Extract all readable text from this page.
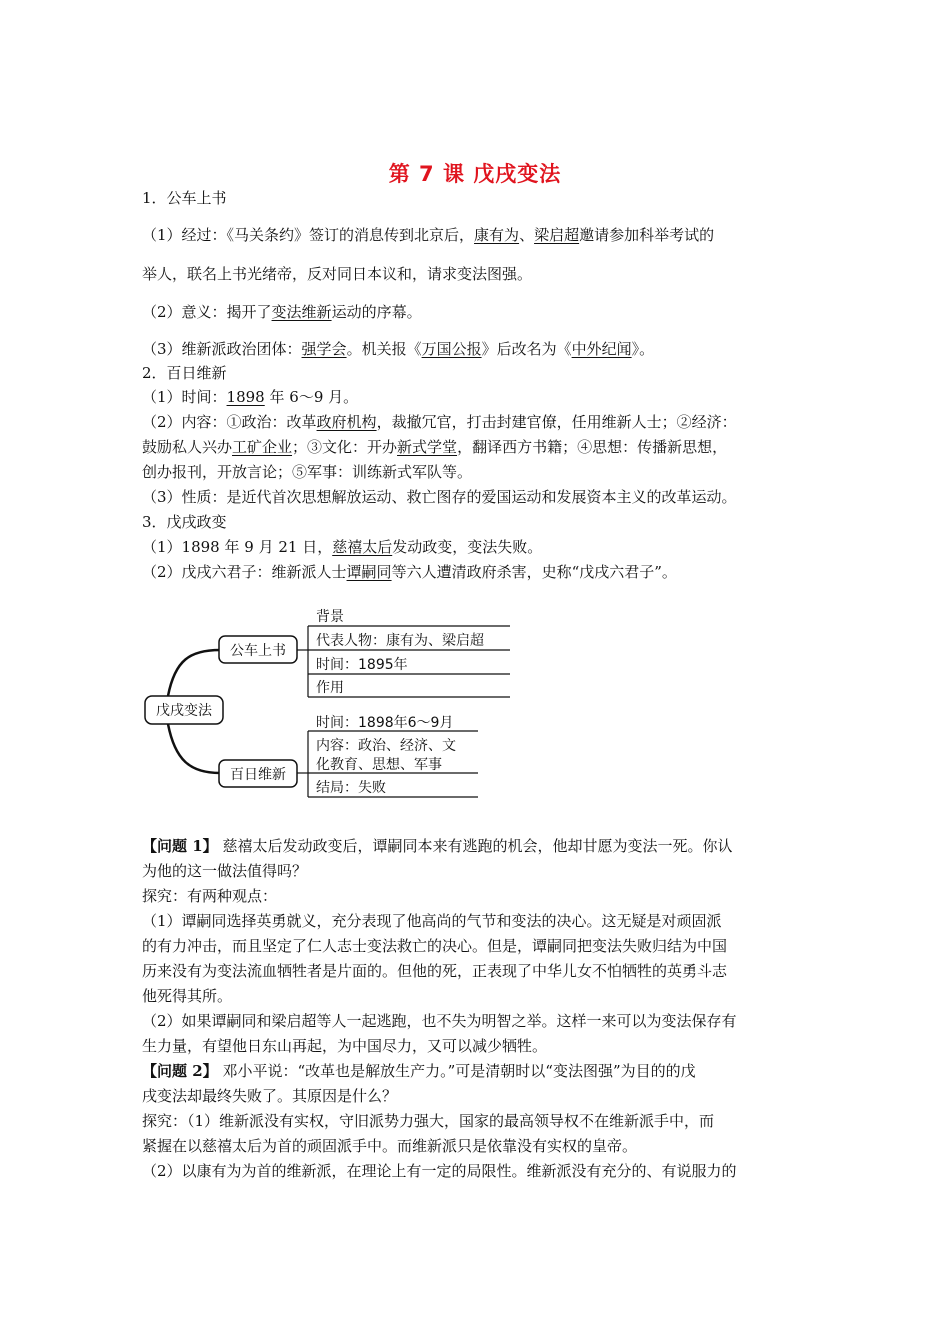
第 7 课 戊戌变法
1．公车上书
（1）经过：《马关条约》签订的消息传到北京后，康有为、梁启超邀请参加科举考试的
举人，联名上书光绪帝，反对同日本议和，请求变法图强。
（2）意义：揭开了变法维新运动的序幕。
（3）维新派政治团体：强学会。机关报《万国公报》后改名为《中外纪闻》。
2．百日维新
（1）时间：1898 年 6～9 月。
（2）内容：①政治：改革政府机构，裁撤冗官，打击封建官僚，任用维新人士；②经济：
鼓励私人兴办工矿企业；③文化：开办新式学堂，翻译西方书籍；④思想：传播新思想，
创办报刊，开放言论；⑤军事：训练新式军队等。
（3）性质：是近代首次思想解放运动、救亡图存的爱国运动和发展资本主义的改革运动。
3．戊戌政变
（1）1898 年 9 月 21 日，慈禧太后发动政变，变法失败。
（2）戊戌六君子：维新派人士谭嗣同等六人遭清政府杀害，史称“戊戌六君子”。
戊戌变法
公车上书
背景
代表人物：康有为、梁启超
时间：1895年
作用
百日维新
时间：1898年6～9月
内容：政治、经济、文
化教育、思想、军事
结局：失败
【问题 1】 慈禧太后发动政变后，谭嗣同本来有逃跑的机会，他却甘愿为变法一死。你认
为他的这一做法值得吗？
探究：有两种观点：
（1）谭嗣同选择英勇就义，充分表现了他高尚的气节和变法的决心。这无疑是对顽固派
的有力冲击，而且坚定了仁人志士变法救亡的决心。但是，谭嗣同把变法失败归结为中国
历来没有为变法流血牺牲者是片面的。但他的死，正表现了中华儿女不怕牺牲的英勇斗志
他死得其所。
（2）如果谭嗣同和梁启超等人一起逃跑，也不失为明智之举。这样一来可以为变法保存有
生力量，有望他日东山再起，为中国尽力，又可以减少牺牲。
【问题 2】 邓小平说：“改革也是解放生产力。”可是清朝时以“变法图强”为目的的戊
戌变法却最终失败了。其原因是什么？
探究：（1）维新派没有实权，守旧派势力强大，国家的最高领导权不在维新派手中，而
紧握在以慈禧太后为首的顽固派手中。而维新派只是依靠没有实权的皇帝。
（2）以康有为为首的维新派，在理论上有一定的局限性。维新派没有充分的、有说服力的
